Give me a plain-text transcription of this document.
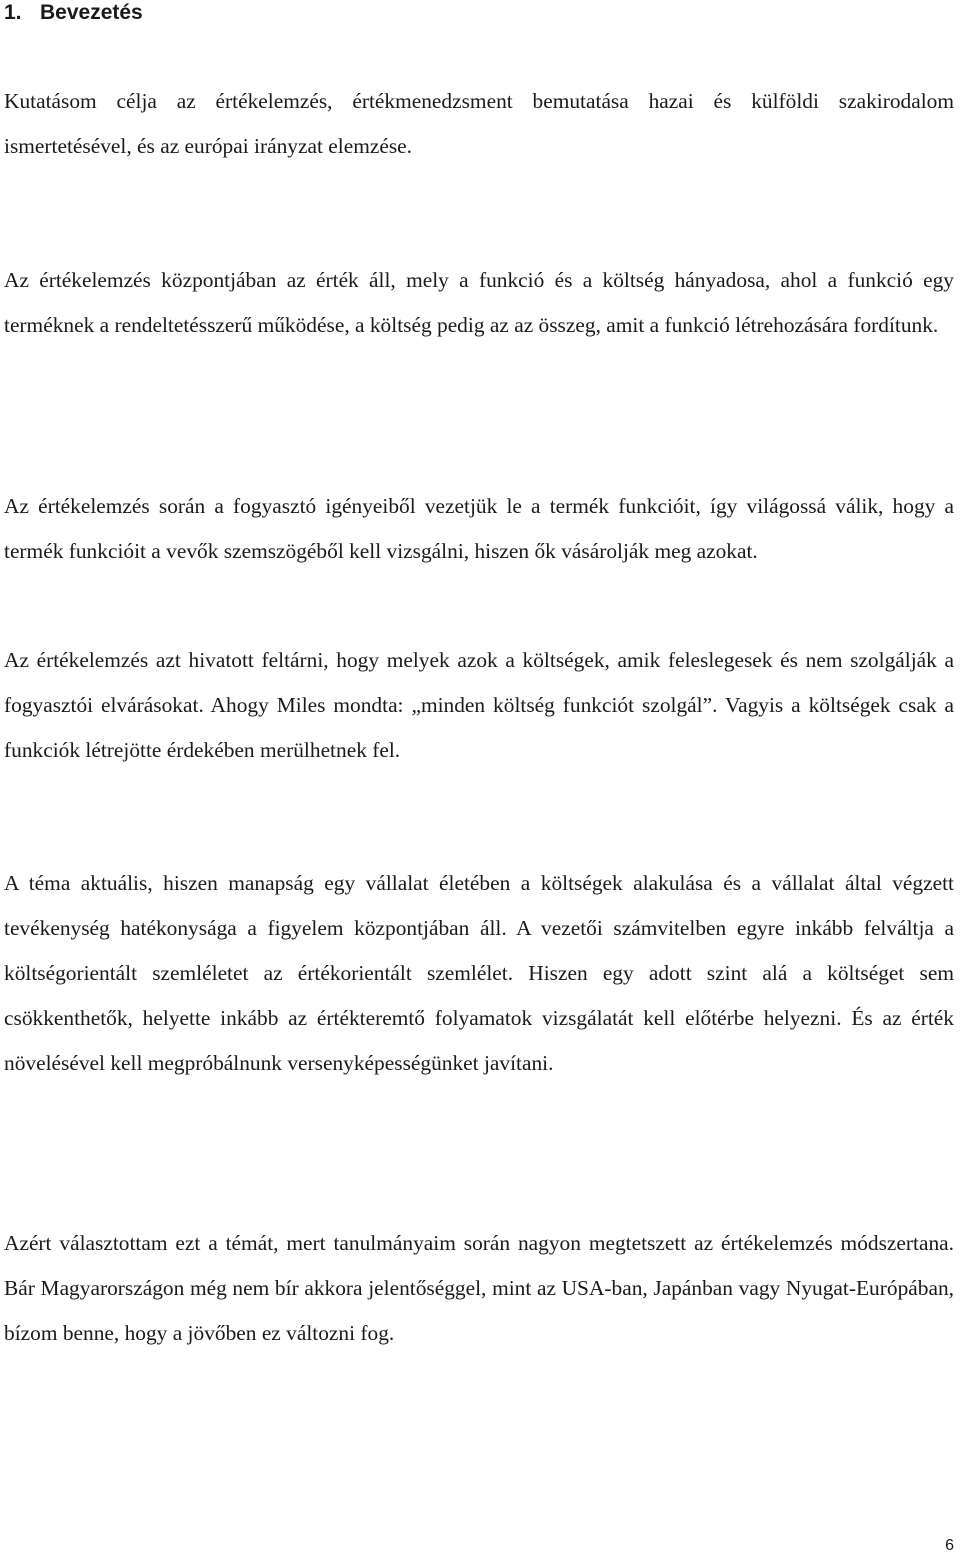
1. Bevezetés

Kutatásom célja az értékelemzés, értékmenedzsment bemutatása hazai és külföldi szakirodalom ismertetésével, és az európai irányzat elemzése.

Az értékelemzés központjában az érték áll, mely a funkció és a költség hányadosa, ahol a funkció egy terméknek a rendeltetésszerű működése, a költség pedig az az összeg, amit a funkció létrehozására fordítunk.

Az értékelemzés során a fogyasztó igényeiből vezetjük le a termék funkcióit, így világossá válik, hogy a termék funkcióit a vevők szemszögéből kell vizsgálni, hiszen ők vásárolják meg azokat.

Az értékelemzés azt hivatott feltárni, hogy melyek azok a költségek, amik feleslegesek és nem szolgálják a fogyasztói elvárásokat. Ahogy Miles mondta: „minden költség funkciót szolgál”. Vagyis a költségek csak a funkciók létrejötte érdekében merülhetnek fel.

A téma aktuális, hiszen manapság egy vállalat életében a költségek alakulása és a vállalat által végzett tevékenység hatékonysága a figyelem központjában áll. A vezetői számvitelben egyre inkább felváltja a költségorientált szemléletet az értékorientált szemlélet. Hiszen egy adott szint alá a költséget sem csökkenthetők, helyette inkább az értékteremtő folyamatok vizsgálatát kell előtérbe helyezni. És az érték növelésével kell megpróbálnunk versenyképességünket javítani.

Azért választottam ezt a témát, mert tanulmányaim során nagyon megtetszett az értékelemzés módszertana. Bár Magyarországon még nem bír akkora jelentőséggel, mint az USA-ban, Japánban vagy Nyugat-Európában, bízom benne, hogy a jövőben ez változni fog.

6
